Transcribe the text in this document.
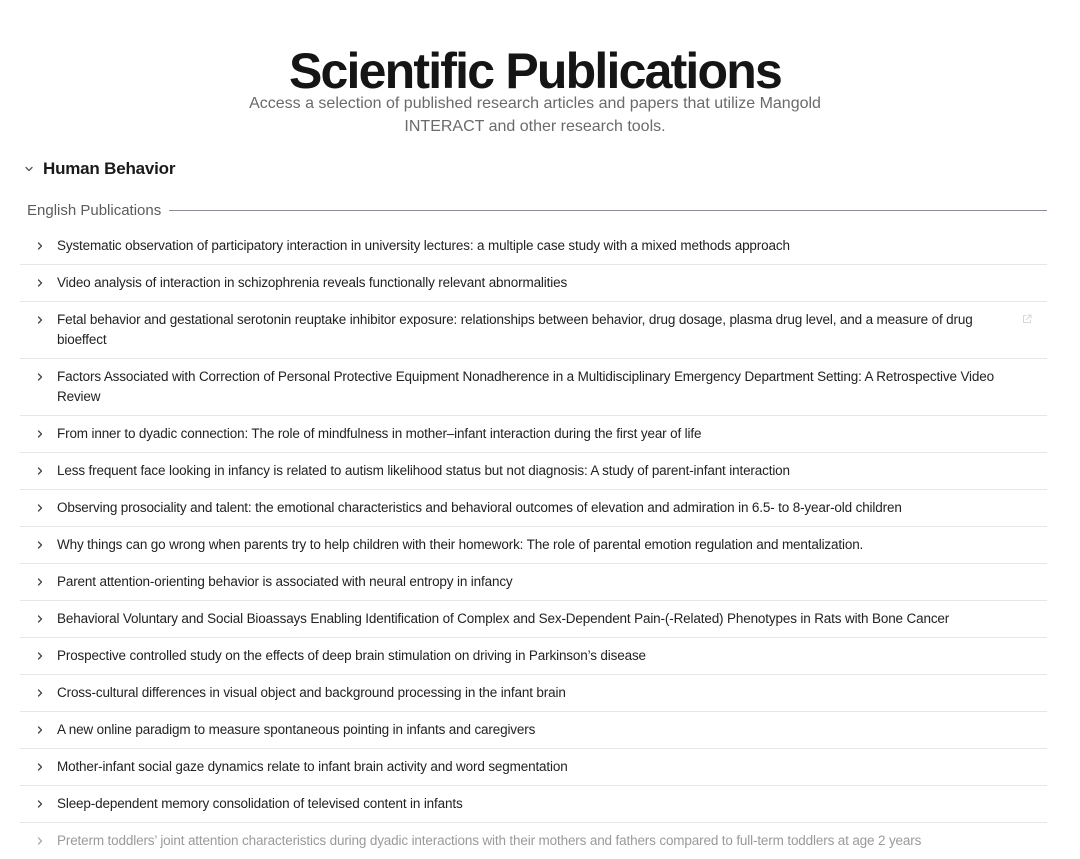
Scientific Publications

Access a selection of published research articles and papers that utilize Mangold INTERACT and other research tools.

Human Behavior
English Publications
Systematic observation of participatory interaction in university lectures: a multiple case study with a mixed methods approach
Video analysis of interaction in schizophrenia reveals functionally relevant abnormalities
Fetal behavior and gestational serotonin reuptake inhibitor exposure: relationships between behavior, drug dosage, plasma drug level, and a measure of drug bioeffect
Factors Associated with Correction of Personal Protective Equipment Nonadherence in a Multidisciplinary Emergency Department Setting: A Retrospective Video Review
From inner to dyadic connection: The role of mindfulness in mother–infant interaction during the first year of life
Less frequent face looking in infancy is related to autism likelihood status but not diagnosis: A study of parent-infant interaction
Observing prosociality and talent: the emotional characteristics and behavioral outcomes of elevation and admiration in 6.5- to 8-year-old children
Why things can go wrong when parents try to help children with their homework: The role of parental emotion regulation and mentalization.
Parent attention-orienting behavior is associated with neural entropy in infancy
Behavioral Voluntary and Social Bioassays Enabling Identification of Complex and Sex-Dependent Pain-(-Related) Phenotypes in Rats with Bone Cancer
Prospective controlled study on the effects of deep brain stimulation on driving in Parkinson’s disease
Cross-cultural differences in visual object and background processing in the infant brain
A new online paradigm to measure spontaneous pointing in infants and caregivers
Mother-infant social gaze dynamics relate to infant brain activity and word segmentation
Sleep-dependent memory consolidation of televised content in infants
Preterm toddlers’ joint attention characteristics during dyadic interactions with their mothers and fathers compared to full-term toddlers at age 2 years
